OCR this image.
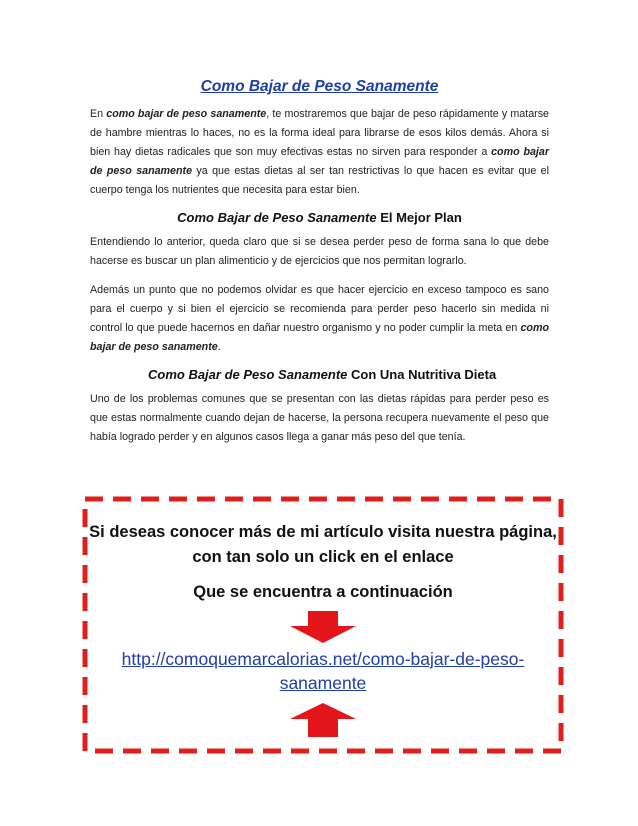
Como Bajar de Peso Sanamente

En como bajar de peso sanamente, te mostraremos que bajar de peso rápidamente y matarse de hambre mientras lo haces, no es la forma ideal para librarse de esos kilos demás. Ahora si bien hay dietas radicales que son muy efectivas estas no sirven para responder a como bajar de peso sanamente ya que estas dietas al ser tan restrictivas lo que hacen es evitar que el cuerpo tenga los nutrientes que necesita para estar bien.

Como Bajar de Peso Sanamente El Mejor Plan

Entendiendo lo anterior, queda claro que si se desea perder peso de forma sana lo que debe hacerse es buscar un plan alimenticio y de ejercicios que nos permitan lograrlo.

Además un punto que no podemos olvidar es que hacer ejercicio en exceso tampoco es sano para el cuerpo y si bien el ejercicio se recomienda para perder peso hacerlo sin medida ni control lo que puede hacernos en dañar nuestro organismo y no poder cumplir la meta en como bajar de peso sanamente.

Como Bajar de Peso Sanamente Con Una Nutritiva Dieta

Uno de los problemas comunes que se presentan con las dietas rápidas para perder peso es que estas normalmente cuando dejan de hacerse, la persona recupera nuevamente el peso que había logrado perder y en algunos casos llega a ganar más peso del que tenía.

Si deseas conocer más de mi artículo visita nuestra página,
con tan solo un click en el enlace
Que se encuentra a continuación
http://comoquemarcalorias.net/como-bajar-de-peso-
sanamente
